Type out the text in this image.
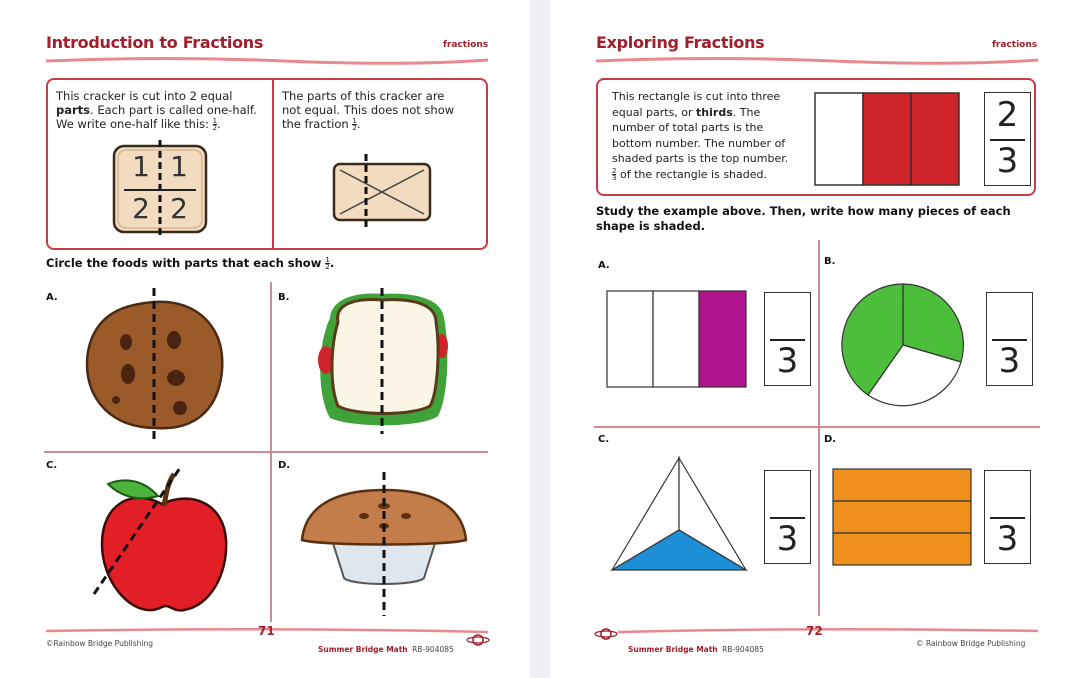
Introduction to Fractions	fractions
This cracker is cut into 2 equal
parts. Each part is called one-half.
We write one-half like this: $\frac{1}{2}$ .
1 1
2 2
The parts of this cracker are
not equal. This does not show
the fraction $\frac{1}{2}$ .
Circle the foods with parts that each show $\frac{1}{2}$ .
A.	B.
C.	D.
©Rainbow Bridge Publishing
71
Summer Bridge Math RB-904085
Exploring Fractions	fractions
This rectangle is cut into three
equal parts, or thirds. The
number of total parts is the
bottom number. The number of
shaded parts is the top number.
$\frac{2}{3}$ of the rectangle is shaded.
2
3
Study the example above. Then, write how many pieces of each
shape is shaded.
A.	B.
C.	D.
3	3
3	3
Summer Bridge Math RB-904085
72
© Rainbow Bridge Publishing
